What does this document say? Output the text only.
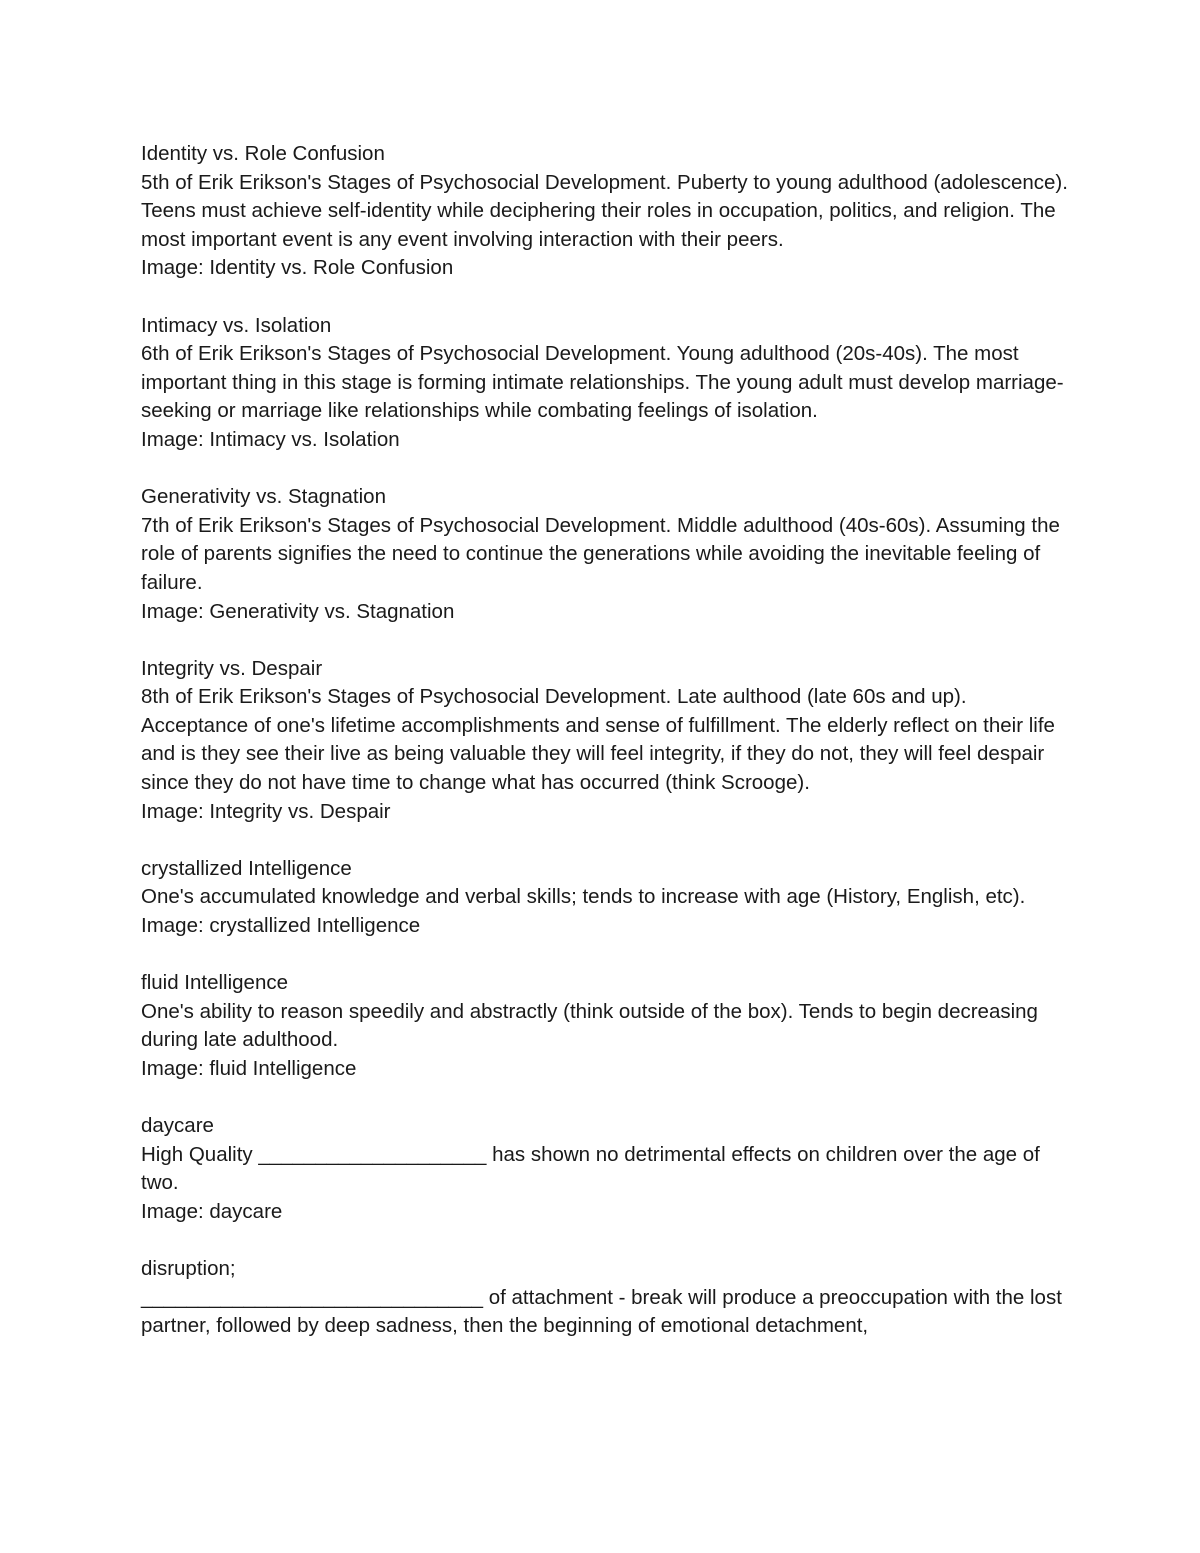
Identity vs. Role Confusion

5th of Erik Erikson's Stages of Psychosocial Development. Puberty to young adulthood (adolescence). Teens must achieve self-identity while deciphering their roles in occupation, politics, and religion. The most important event is any event involving interaction with their peers.

Image: Identity vs. Role Confusion

Intimacy vs. Isolation

6th of Erik Erikson's Stages of Psychosocial Development. Young adulthood (20s-40s). The most important thing in this stage is forming intimate relationships. The young adult must develop marriage-seeking or marriage like relationships while combating feelings of isolation.

Image: Intimacy vs. Isolation

Generativity vs. Stagnation

7th of Erik Erikson's Stages of Psychosocial Development. Middle adulthood (40s-60s). Assuming the role of parents signifies the need to continue the generations while avoiding the inevitable feeling of failure.

Image: Generativity vs. Stagnation

Integrity vs. Despair

8th of Erik Erikson's Stages of Psychosocial Development. Late aulthood (late 60s and up). Acceptance of one's lifetime accomplishments and sense of fulfillment. The elderly reflect on their life and is they see their live as being valuable they will feel integrity, if they do not, they will feel despair since they do not have time to change what has occurred (think Scrooge).

Image: Integrity vs. Despair

crystallized Intelligence

One's accumulated knowledge and verbal skills; tends to increase with age (History, English, etc).

Image: crystallized Intelligence

fluid Intelligence

One's ability to reason speedily and abstractly (think outside of the box). Tends to begin decreasing during late adulthood.

Image: fluid Intelligence

daycare

High Quality ____________________ has shown no detrimental effects on children over the age of two.

Image: daycare

disruption;

______________________________ of attachment - break will produce a preoccupation with the lost partner, followed by deep sadness, then the beginning of emotional detachment,
